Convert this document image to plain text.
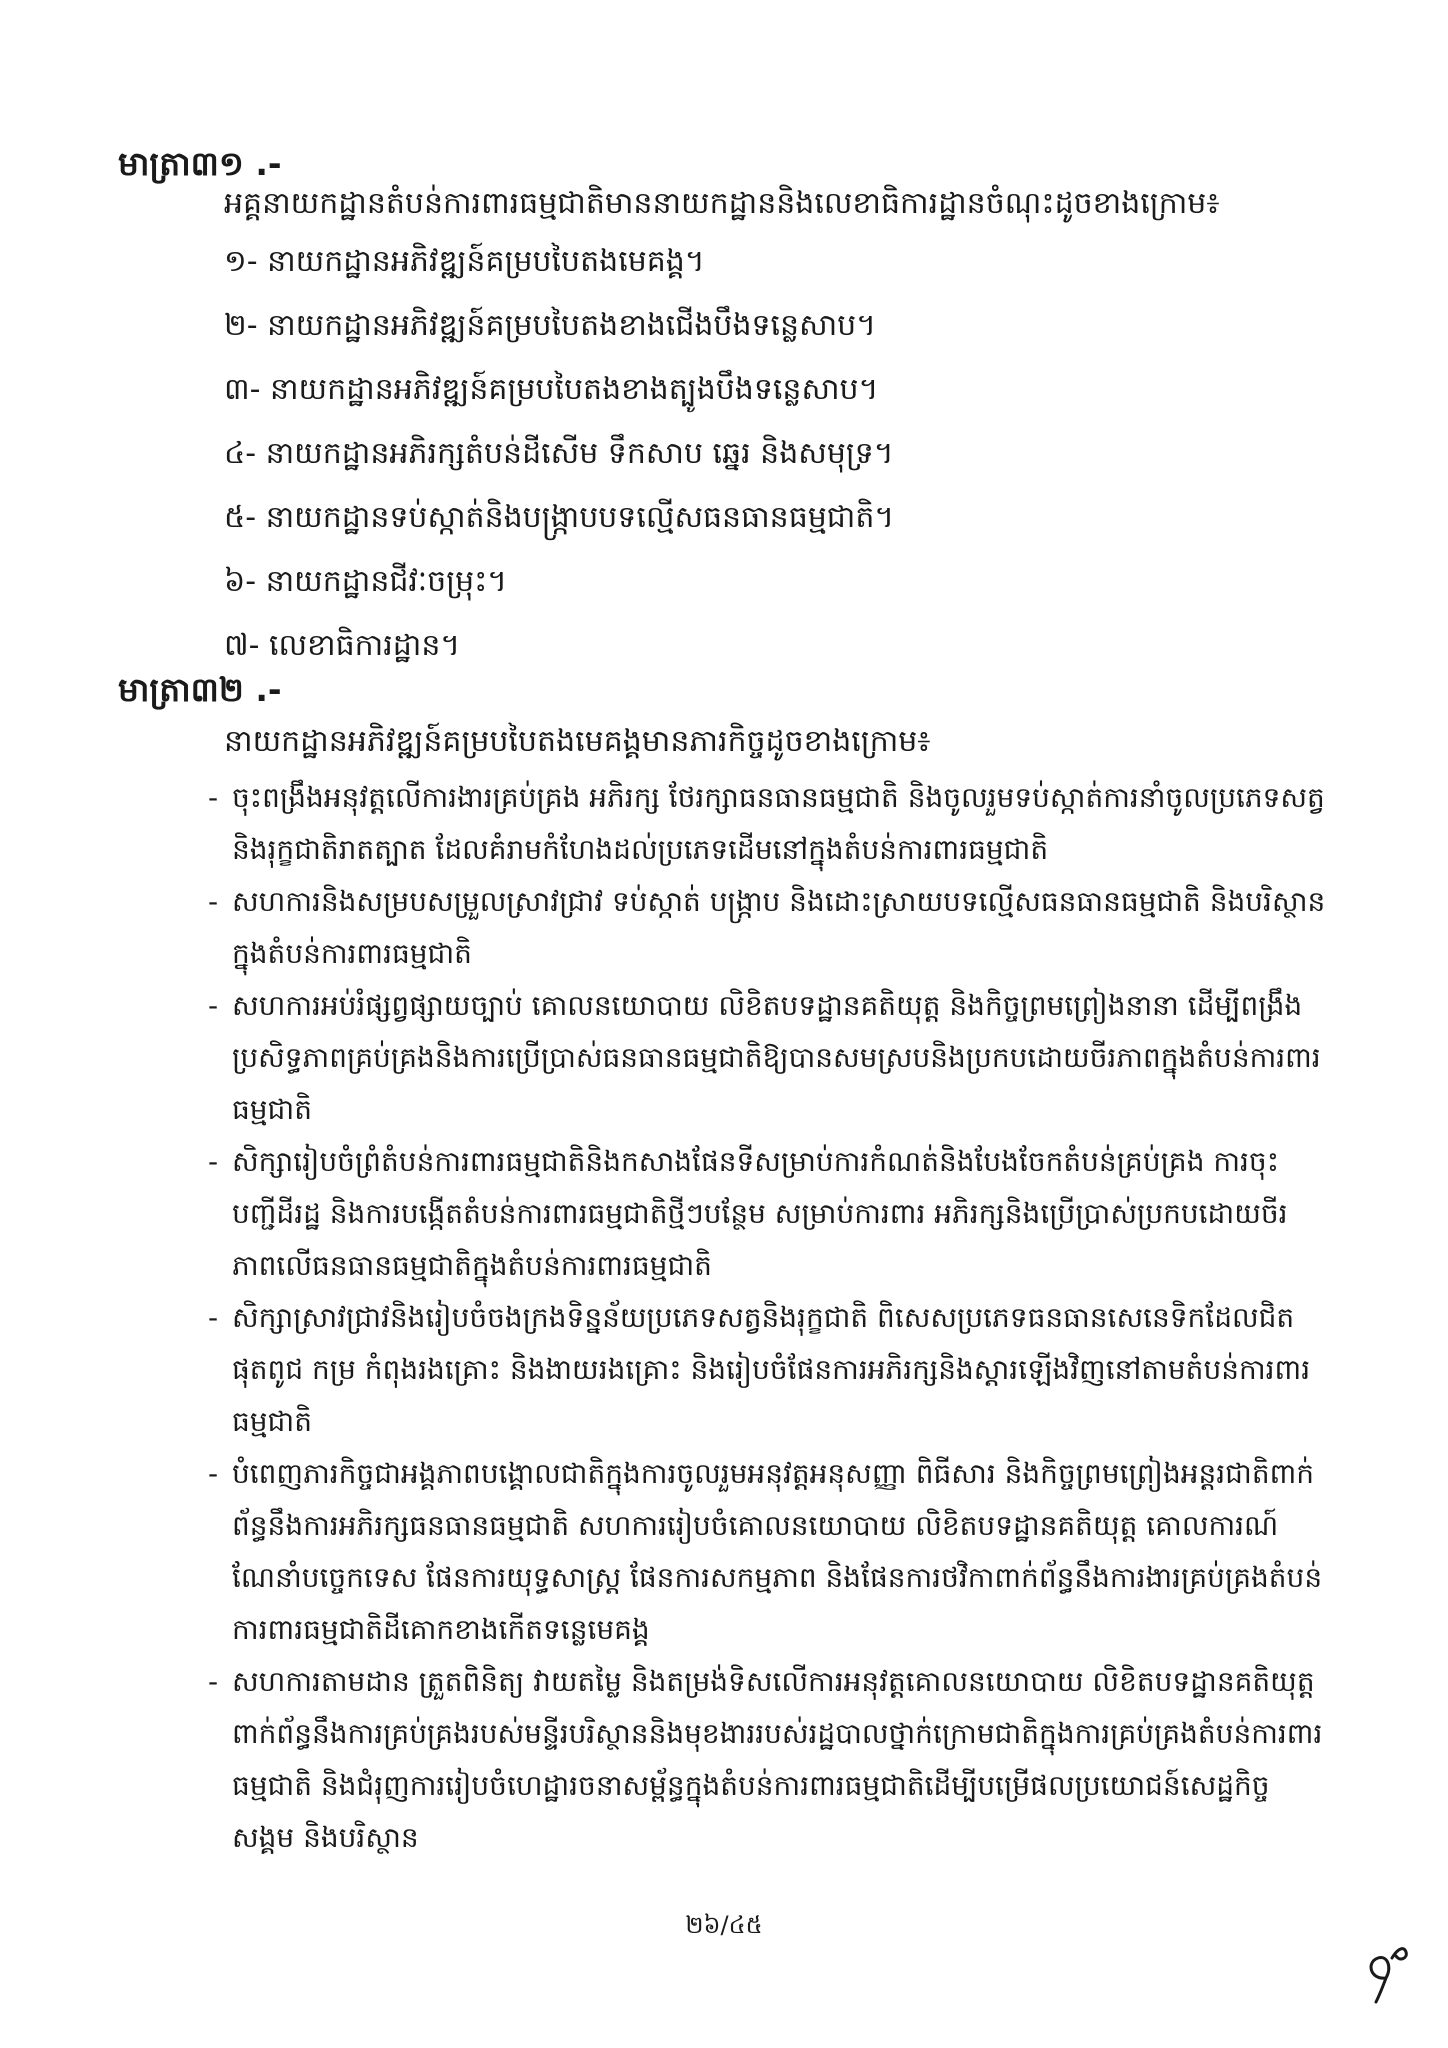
មាត្រា៣១ .-
អគ្គនាយកដ្ឋានតំបន់ការពារធម្មជាតិមាននាយកដ្ឋាននិងលេខាធិការដ្ឋានចំណុះដូចខាងក្រោម៖
១- នាយកដ្ឋានអភិវឌ្ឍន៍គម្របបៃតងមេគង្គ។
២- នាយកដ្ឋានអភិវឌ្ឍន៍គម្របបៃតងខាងជើងបឹងទន្លេសាប។
៣- នាយកដ្ឋានអភិវឌ្ឍន៍គម្របបៃតងខាងត្បូងបឹងទន្លេសាប។
៤- នាយកដ្ឋានអភិរក្សតំបន់ដីសើម ទឹកសាប ឆ្នេរ និងសមុទ្រ។
៥- នាយកដ្ឋានទប់ស្កាត់និងបង្ក្រាបបទល្មើសធនធានធម្មជាតិ។
៦- នាយកដ្ឋានជីវៈចម្រុះ។
៧- លេខាធិការដ្ឋាន។
មាត្រា៣២ .-
នាយកដ្ឋានអភិវឌ្ឍន៍គម្របបៃតងមេគង្គមានភារកិច្ចដូចខាងក្រោម៖
- ចុះពង្រឹងអនុវត្តលើការងារគ្រប់គ្រង អភិរក្ស ថែរក្សាធនធានធម្មជាតិ និងចូលរួមទប់ស្កាត់ការនាំចូលប្រភេទសត្វនិងរុក្ខជាតិរាតត្បាត ដែលគំរាមកំហែងដល់ប្រភេទដើមនៅក្នុងតំបន់ការពារធម្មជាតិ
- សហការនិងសម្របសម្រួលស្រាវជ្រាវ ទប់ស្កាត់ បង្ក្រាប និងដោះស្រាយបទល្មើសធនធានធម្មជាតិ និងបរិស្ថានក្នុងតំបន់ការពារធម្មជាតិ
- សហការអប់រំផ្សព្វផ្សាយច្បាប់ គោលនយោបាយ លិខិតបទដ្ឋានគតិយុត្ត និងកិច្ចព្រមព្រៀងនានា ដើម្បីពង្រឹងប្រសិទ្ធភាពគ្រប់គ្រងនិងការប្រើប្រាស់ធនធានធម្មជាតិឱ្យបានសមស្របនិងប្រកបដោយចីរភាពក្នុងតំបន់ការពារធម្មជាតិ
- សិក្សារៀបចំព្រំតំបន់ការពារធម្មជាតិនិងកសាងផែនទីសម្រាប់ការកំណត់និងបែងចែកតំបន់គ្រប់គ្រង ការចុះបញ្ជីដីរដ្ឋ និងការបង្កើតតំបន់ការពារធម្មជាតិថ្មីៗបន្ថែម សម្រាប់ការពារ អភិរក្សនិងប្រើប្រាស់ប្រកបដោយចីរភាពលើធនធានធម្មជាតិក្នុងតំបន់ការពារធម្មជាតិ
- សិក្សាស្រាវជ្រាវនិងរៀបចំចងក្រងទិន្នន័យប្រភេទសត្វនិងរុក្ខជាតិ ពិសេសប្រភេទធនធានសេនេទិកដែលជិតផុតពូជ កម្រ កំពុងរងគ្រោះ និងងាយរងគ្រោះ និងរៀបចំផែនការអភិរក្សនិងស្តារឡើងវិញនៅតាមតំបន់ការពារធម្មជាតិ
- បំពេញភារកិច្ចជាអង្គភាពបង្គោលជាតិក្នុងការចូលរួមអនុវត្តអនុសញ្ញា ពិធីសារ និងកិច្ចព្រមព្រៀងអន្តរជាតិពាក់ព័ន្ធនឹងការអភិរក្សធនធានធម្មជាតិ សហការរៀបចំគោលនយោបាយ លិខិតបទដ្ឋានគតិយុត្ត គោលការណ៍ណែនាំបច្ចេកទេស ផែនការយុទ្ធសាស្ត្រ ផែនការសកម្មភាព និងផែនការថវិកាពាក់ព័ន្ធនឹងការងារគ្រប់គ្រងតំបន់ការពារធម្មជាតិដីគោកខាងកើតទន្លេមេគង្គ
- សហការតាមដាន ត្រួតពិនិត្យ វាយតម្លៃ និងតម្រង់ទិសលើការអនុវត្តគោលនយោបាយ លិខិតបទដ្ឋានគតិយុត្តពាក់ព័ន្ធនឹងការគ្រប់គ្រងរបស់មន្ទីរបរិស្ថាននិងមុខងាររបស់រដ្ឋបាលថ្នាក់ក្រោមជាតិក្នុងការគ្រប់គ្រងតំបន់ការពារធម្មជាតិ និងជំរុញការរៀបចំហេដ្ឋារចនាសម្ព័ន្ធក្នុងតំបន់ការពារធម្មជាតិដើម្បីបម្រើផលប្រយោជន៍សេដ្ឋកិច្ច សង្គម និងបរិស្ថាន
២៦/៤៥
